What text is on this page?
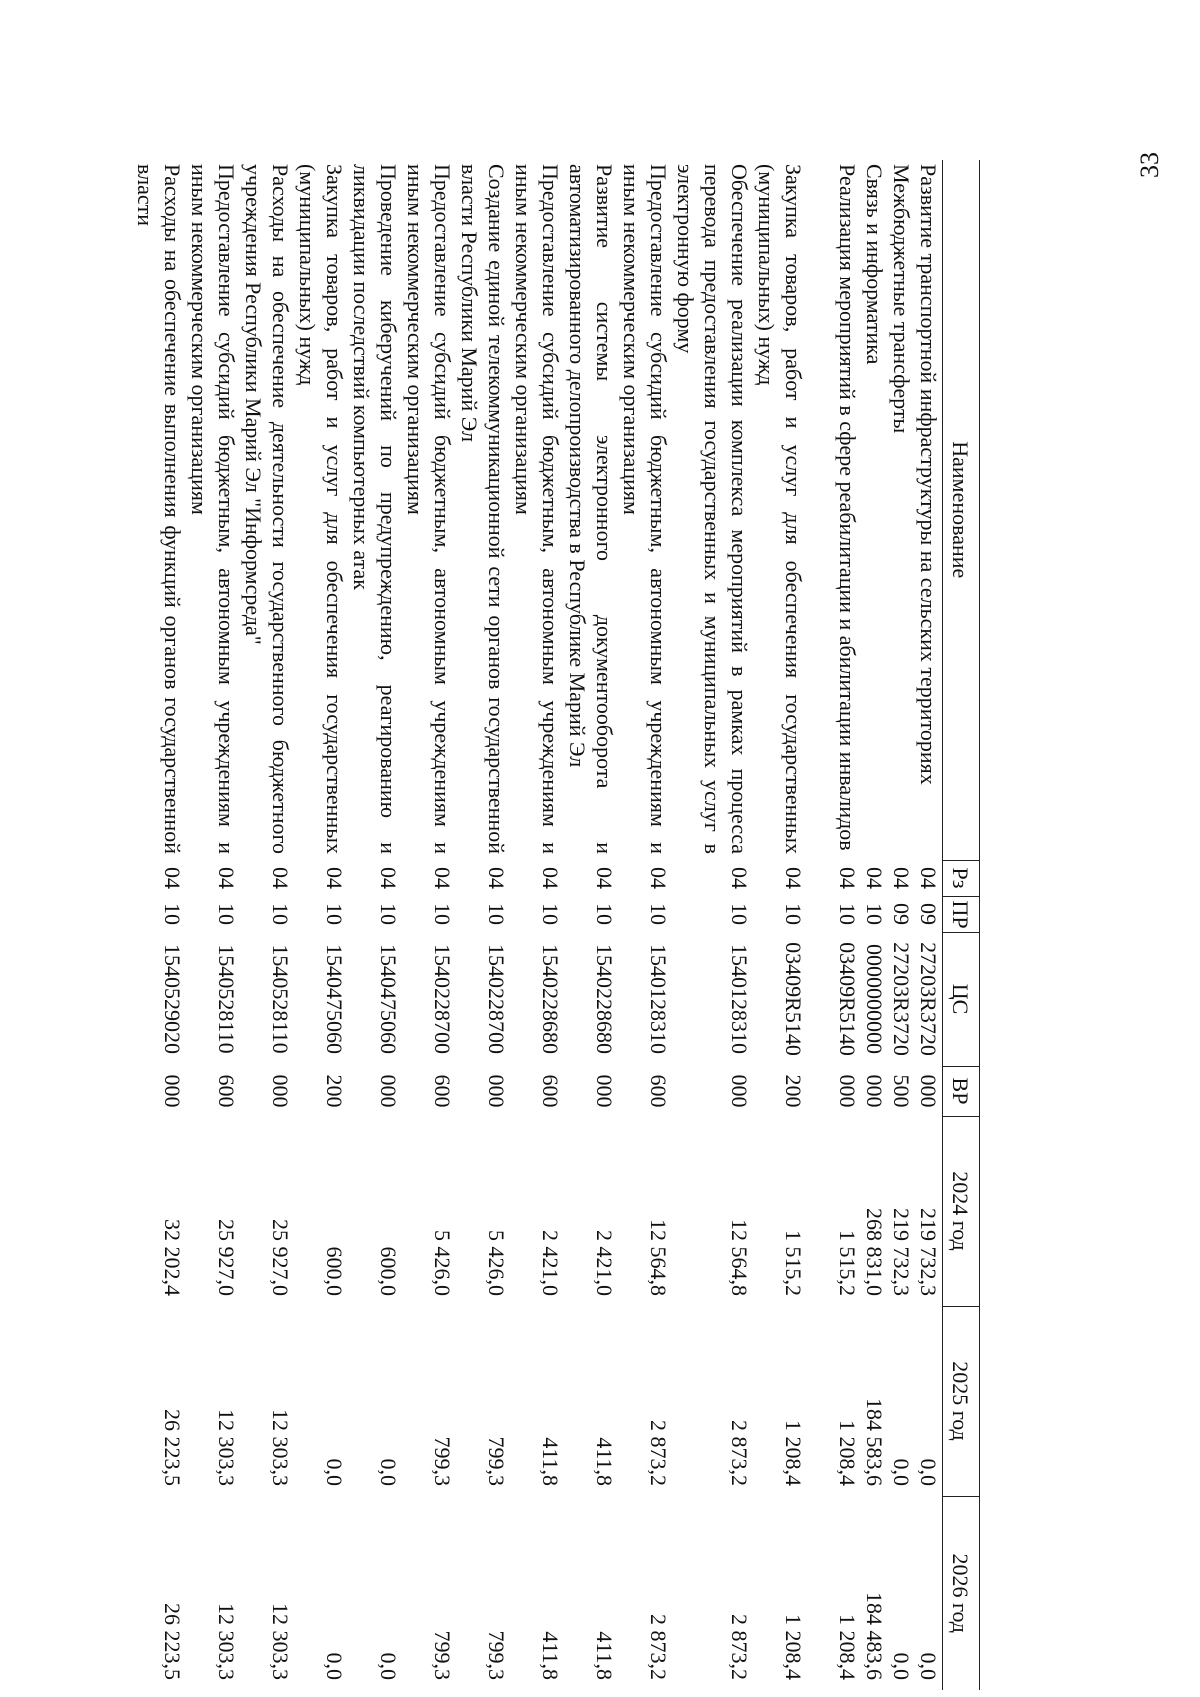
33
Наименование	Рз	ПР	ЦС	ВР	2024 год	2025 год	2026 год
Развитие транспортной инфраструктуры на сельских территориях	04	09	27203R3720	000	219 732,3	0,0	0,0
Межбюджетные трансферты	04	09	27203R3720	500	219 732,3	0,0	0,0
Связь и информатика	04	10	0000000000	000	268 831,0	184 583,6	184 483,6
Реализация мероприятий в сфере реабилитации и абилитации инвалидов	04	10	03409R5140	000	1 515,2	1 208,4	1 208,4
Закупка товаров, работ и услуг для обеспечения государственных (муниципальных) нужд	04	10	03409R5140	200	1 515,2	1 208,4	1 208,4
Обеспечение реализации комплекса мероприятий в рамках процесса перевода предоставления государственных и муниципальных услуг в электронную форму	04	10	1540128310	000	12 564,8	2 873,2	2 873,2
Предоставление субсидий бюджетным, автономным учреждениям и иным некоммерческим организациям	04	10	1540128310	600	12 564,8	2 873,2	2 873,2
Развитие системы электронного документооборота и автоматизированного делопроизводства в Республике Марий Эл	04	10	1540228680	000	2 421,0	411,8	411,8
Предоставление субсидий бюджетным, автономным учреждениям и иным некоммерческим организациям	04	10	1540228680	600	2 421,0	411,8	411,8
Создание единой телекоммуникационной сети органов государственной власти Республики Марий Эл	04	10	1540228700	000	5 426,0	799,3	799,3
Предоставление субсидий бюджетным, автономным учреждениям и иным некоммерческим организациям	04	10	1540228700	600	5 426,0	799,3	799,3
Проведение киберучений по предупреждению, реагированию и ликвидации последствий компьютерных атак	04	10	1540475060	000	600,0	0,0	0,0
Закупка товаров, работ и услуг для обеспечения государственных (муниципальных) нужд	04	10	1540475060	200	600,0	0,0	0,0
Расходы на обеспечение деятельности государственного бюджетного учреждения Республики Марий Эл "Информсреда"	04	10	1540528110	000	25 927,0	12 303,3	12 303,3
Предоставление субсидий бюджетным, автономным учреждениям и иным некоммерческим организациям	04	10	1540528110	600	25 927,0	12 303,3	12 303,3
Расходы на обеспечение выполнения функций органов государственной власти	04	10	1540529020	000	32 202,4	26 223,5	26 223,5
